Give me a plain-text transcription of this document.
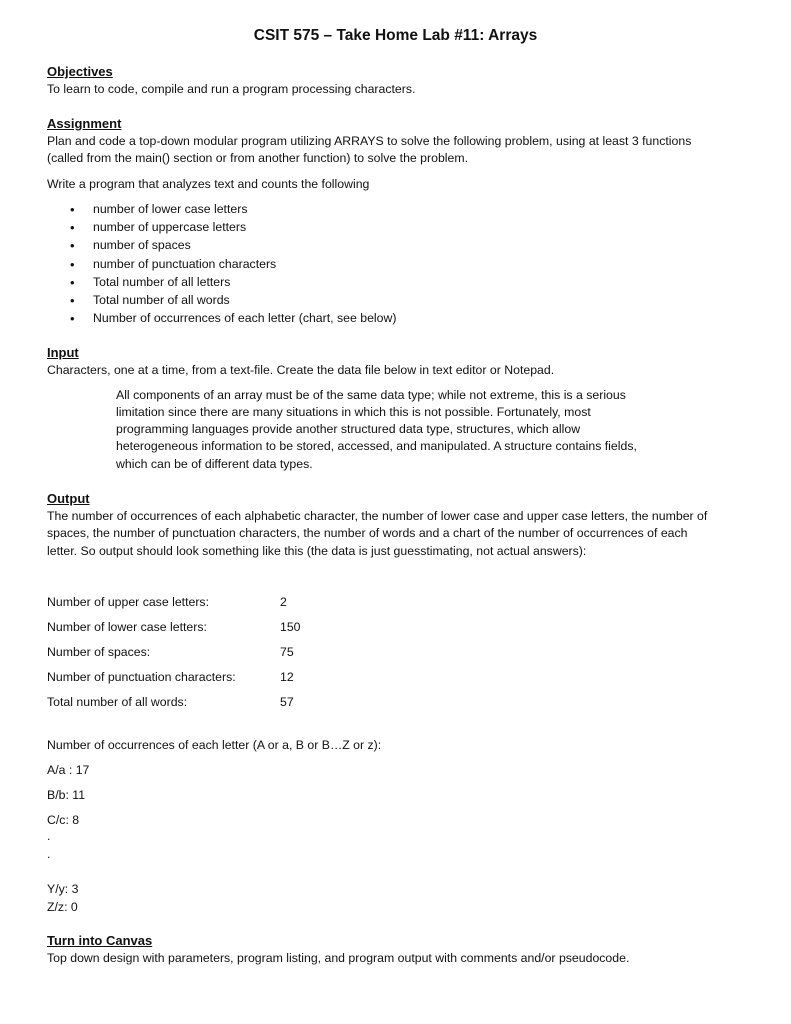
CSIT 575 – Take Home Lab #11: Arrays
Objectives
To learn to code, compile and run a program processing characters.
Assignment
Plan and code a top-down modular program utilizing ARRAYS to solve the following problem, using at least 3 functions
(called from the main() section or from another function) to solve the problem.
Write a program that analyzes text and counts the following
• number of lower case letters
• number of uppercase letters
• number of spaces
• number of punctuation characters
• Total number of all letters
• Total number of all words
• Number of occurrences of each letter (chart, see below)
Input
Characters, one at a time, from a text-file. Create the data file below in text editor or Notepad.
All components of an array must be of the same data type; while not extreme, this is a serious
limitation since there are many situations in which this is not possible. Fortunately, most
programming languages provide another structured data type, structures, which allow
heterogeneous information to be stored, accessed, and manipulated. A structure contains fields,
which can be of different data types.
Output
The number of occurrences of each alphabetic character, the number of lower case and upper case letters, the number of
spaces, the number of punctuation characters, the number of words and a chart of the number of occurrences of each
letter. So output should look something like this (the data is just guesstimating, not actual answers):
Number of upper case letters:	2
Number of lower case letters:	150
Number of spaces:	75
Number of punctuation characters:	12
Total number of all words:	57
Number of occurrences of each letter (A or a, B or B…Z or z):
A/a : 17
B/b: 11
C/c: 8
.
.
Y/y: 3
Z/z: 0
Turn into Canvas
Top down design with parameters, program listing, and program output with comments and/or pseudocode.
